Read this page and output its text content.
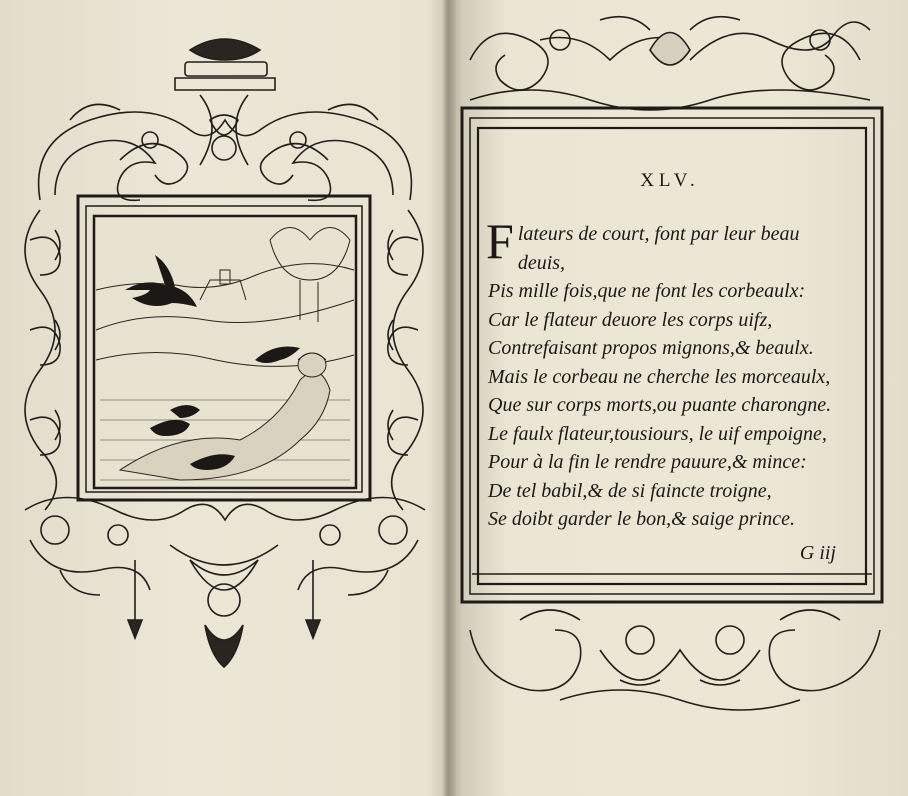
XLV.
F latеurs de court, font par leur beau
deuis,
Pis mille fois,que ne font les corbeaulx:
Car le flateur deuore les corps uifz,
Contrefaisant propos mignons,& beaulx.
Mais le corbeau ne cherche les morceaulx,
Que sur corps morts,ou puante charongne.
Le faulx flateur,tousiours, le uif empoigne,
Pour à la fin le rendre pauure,& mince:
De tel babil,& de si faincte troigne,
Se doibt garder le bon,& saige prince.
G iij
